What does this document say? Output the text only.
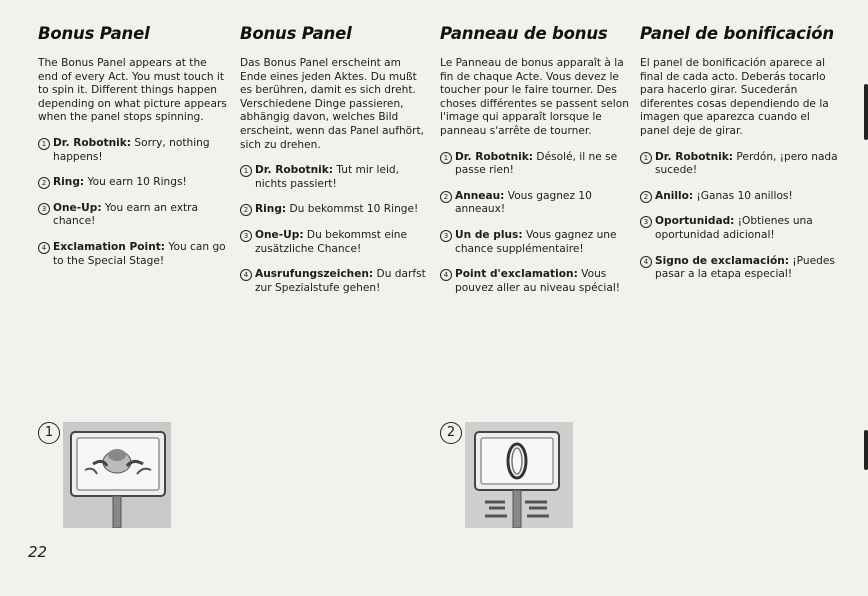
Bonus Panel

The Bonus Panel appears at the end of every Act. You must touch it to spin it. Different things happen depending on what picture appears when the panel stops spinning.

1 Dr. Robotnik: Sorry, nothing happens!
2 Ring: You earn 10 Rings!
3 One-Up: You earn an extra chance!
4 Exclamation Point: You can go to the Special Stage!
Bonus Panel

Das Bonus Panel erscheint am Ende eines jeden Aktes. Du mußt es berühren, damit es sich dreht. Verschiedene Dinge passieren, abhängig davon, welches Bild erscheint, wenn das Panel aufhört, sich zu drehen.

1 Dr. Robotnik: Tut mir leid, nichts passiert!
2 Ring: Du bekommst 10 Ringe!
3 One-Up: Du bekommst eine zusätzliche Chance!
4 Ausrufungszeichen: Du darfst zur Spezialstufe gehen!
Panneau de bonus

Le Panneau de bonus apparaît à la fin de chaque Acte. Vous devez le toucher pour le faire tourner. Des choses différentes se passent selon l'image qui apparaît lorsque le panneau s'arrête de tourner.

1 Dr. Robotnik: Désolé, il ne se passe rien!
2 Anneau: Vous gagnez 10 anneaux!
3 Un de plus: Vous gagnez une chance supplémentaire!
4 Point d'exclamation: Vous pouvez aller au niveau spécial!
Panel de bonificación

El panel de bonificación aparece al final de cada acto. Deberás tocarlo para hacerlo girar. Sucederán diferentes cosas dependiendo de la imagen que aparezca cuando el panel deje de girar.

1 Dr. Robotnik: Perdón, ¡pero nada sucede!
2 Anillo: ¡Ganas 10 anillos!
3 Oportunidad: ¡Obtienes una oportunidad adicional!
4 Signo de exclamación: ¡Puedes pasar a la etapa especial!
1	2
22
